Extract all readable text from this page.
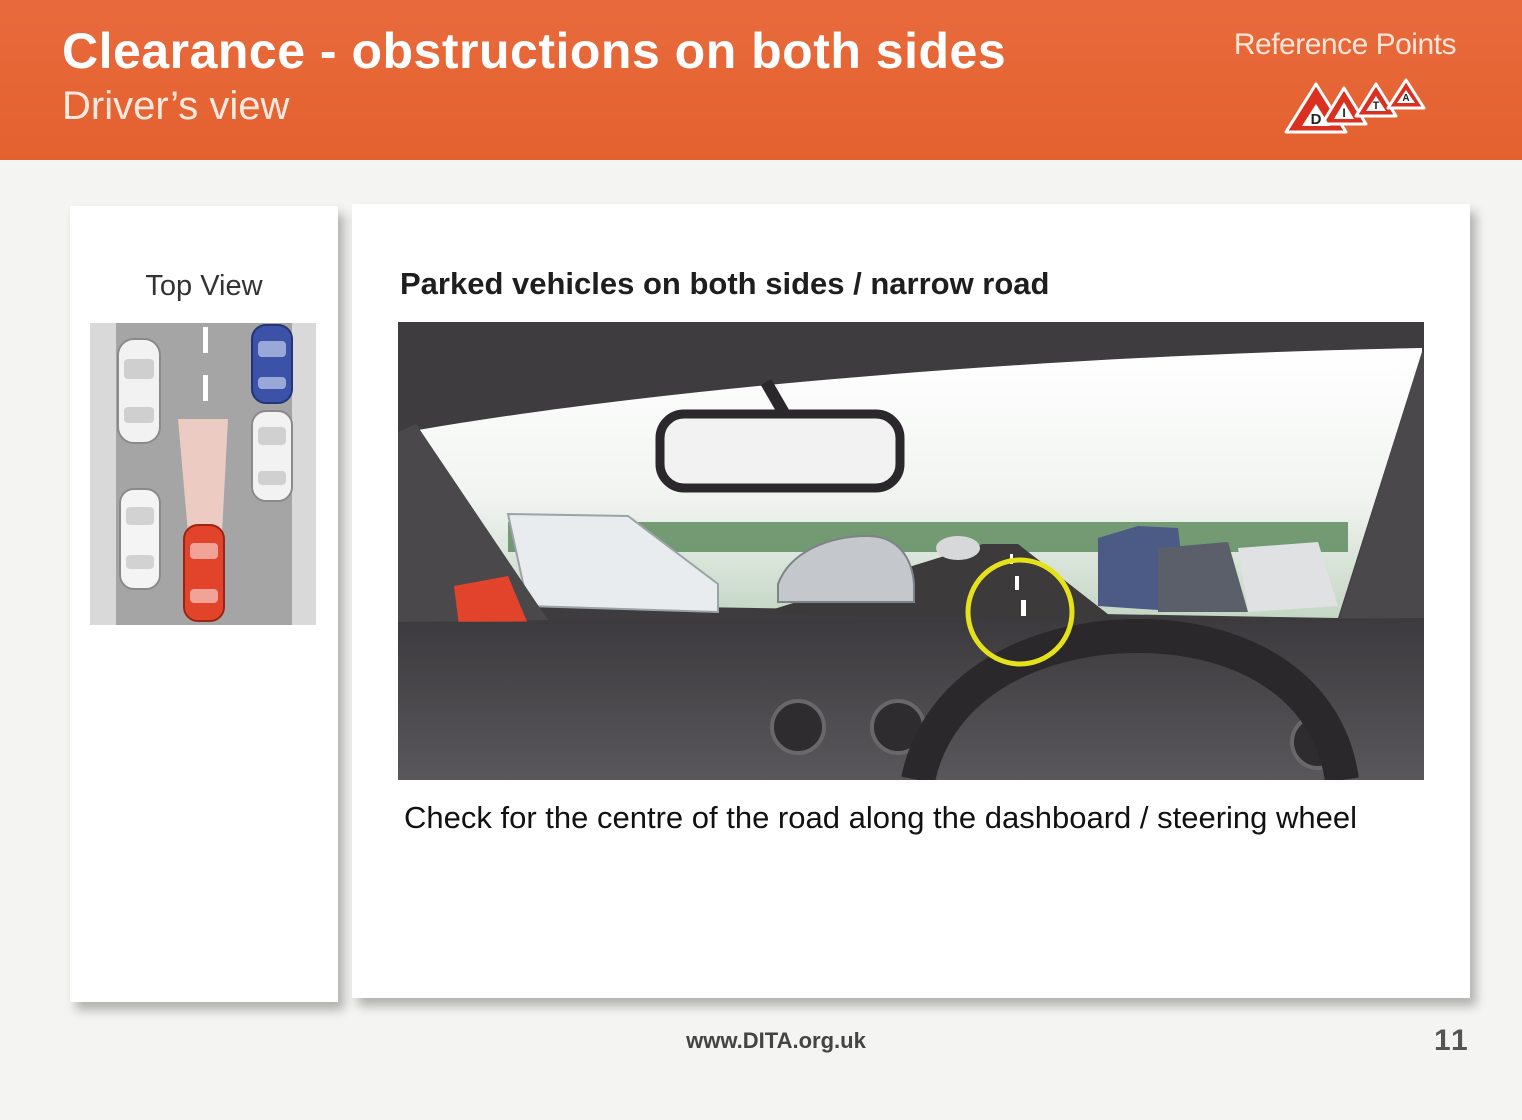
Clearance - obstructions on both sides
Driver’s view
Reference Points
D I T
A
Top View	Parked vehicles on both sides / narrow road
Check for the centre of the road along the dashboard / steering wheel
www.DITA.org.uk	11
